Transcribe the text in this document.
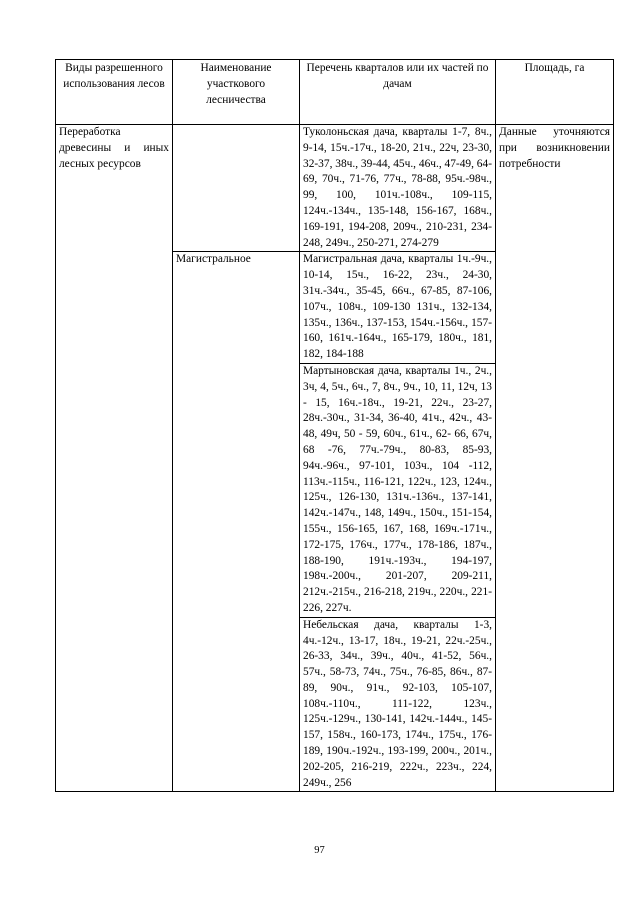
Виды разрешенного использования лесов	Наименование участкового лесничества	Перечень кварталов или их частей по дачам	Площадь, га
Переработка древесины и иных лесных ресурсов		Туколоньская дача, кварталы 1-7, 8ч., 9-14, 15ч.-17ч., 18-20, 21ч., 22ч, 23-30, 32-37, 38ч., 39-44, 45ч., 46ч., 47-49, 64-69, 70ч., 71-76, 77ч., 78-88, 95ч.-98ч., 99, 100, 101ч.-108ч., 109-115, 124ч.-134ч., 135-148, 156-167, 168ч., 169-191, 194-208, 209ч., 210-231, 234-248, 249ч., 250-271, 274-279	Данные уточняются при возникновении потребности
	Магистральное	Магистральная дача, кварталы 1ч.-9ч., 10-14, 15ч., 16-22, 23ч., 24-30, 31ч.-34ч., 35-45, 66ч., 67-85, 87-106, 107ч., 108ч., 109-130 131ч., 132-134, 135ч., 136ч., 137-153, 154ч.-156ч., 157-160, 161ч.-164ч., 165-179, 180ч., 181, 182, 184-188	
		Мартыновская дача, кварталы 1ч., 2ч., 3ч, 4, 5ч., 6ч., 7, 8ч., 9ч., 10, 11, 12ч, 13 - 15, 16ч.-18ч., 19-21, 22ч., 23-27, 28ч.-30ч., 31-34, 36-40, 41ч., 42ч., 43- 48, 49ч, 50 - 59, 60ч., 61ч., 62- 66, 67ч, 68 -76, 77ч.-79ч., 80-83, 85-93, 94ч.-96ч., 97-101, 103ч., 104 -112, 113ч.-115ч., 116-121, 122ч., 123, 124ч., 125ч., 126-130, 131ч.-136ч., 137-141, 142ч.-147ч., 148, 149ч., 150ч., 151-154, 155ч., 156-165, 167, 168, 169ч.-171ч., 172-175, 176ч., 177ч., 178-186, 187ч., 188-190, 191ч.-193ч., 194-197, 198ч.-200ч., 201-207, 209-211, 212ч.-215ч., 216-218, 219ч., 220ч., 221-226, 227ч.	
		Небельская дача, кварталы 1-3, 4ч.-12ч., 13-17, 18ч., 19-21, 22ч.-25ч., 26-33, 34ч., 39ч., 40ч., 41-52, 56ч., 57ч., 58-73, 74ч., 75ч., 76-85, 86ч., 87-89, 90ч., 91ч., 92-103, 105-107, 108ч.-110ч., 111-122, 123ч., 125ч.-129ч., 130-141, 142ч.-144ч., 145-157, 158ч., 160-173, 174ч., 175ч., 176-189, 190ч.-192ч., 193-199, 200ч., 201ч., 202-205, 216-219, 222ч., 223ч., 224, 249ч., 256	
97
